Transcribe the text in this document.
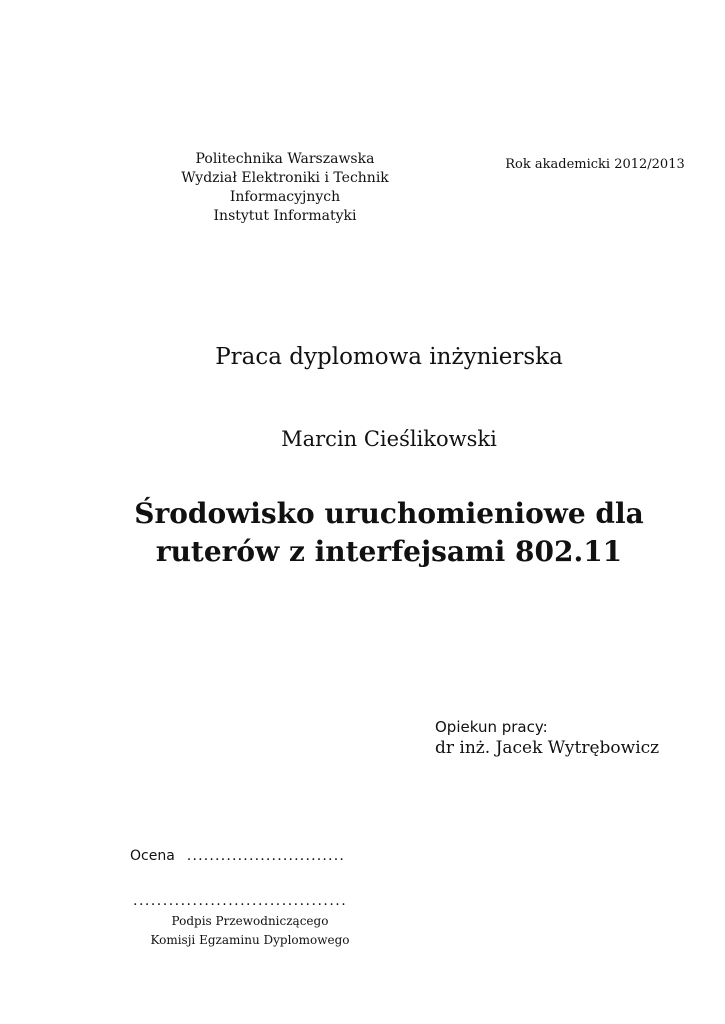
Politechnika Warszawska
Wydział Elektroniki i Technik
Informacyjnych
Instytut Informatyki
Rok akademicki 2012/2013
Praca dyplomowa inżynierska
Marcin Cieślikowski
Środowisko uruchomieniowe dla
ruterów z interfejsami 802.11
Opiekun pracy:
dr inż. Jacek Wytrębowicz
Ocena ............................
....................................
Podpis Przewodniczącego
Komisji Egzaminu Dyplomowego
